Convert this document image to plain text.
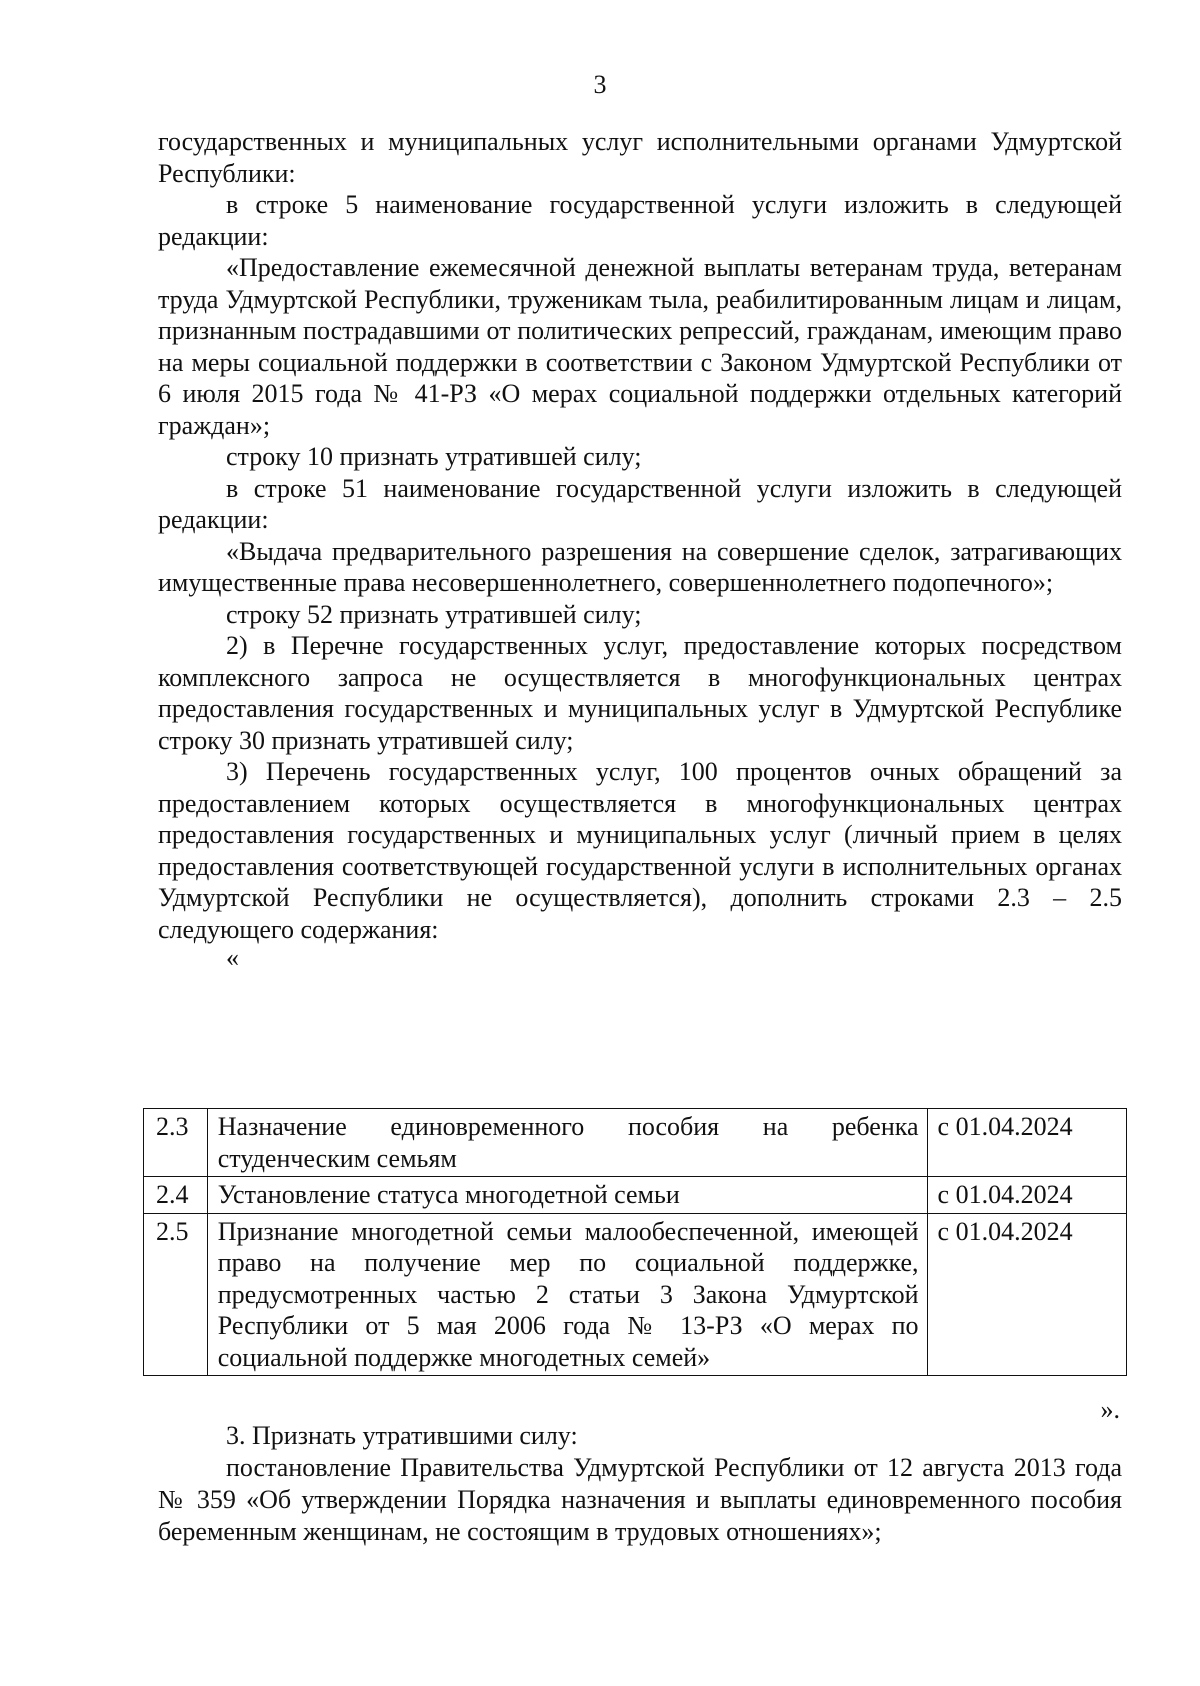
3

государственных и муниципальных услуг исполнительными органами Удмуртской Республики:

в строке 5 наименование государственной услуги изложить в следующей редакции:

«Предоставление ежемесячной денежной выплаты ветеранам труда, ветеранам труда Удмуртской Республики, труженикам тыла, реабилитированным лицам и лицам, признанным пострадавшими от политических репрессий, гражданам, имеющим право на меры социальной поддержки в соответствии с Законом Удмуртской Республики от 6 июля 2015 года № 41-РЗ «О мерах социальной поддержки отдельных категорий граждан»;

строку 10 признать утратившей силу;

в строке 51 наименование государственной услуги изложить в следующей редакции:

«Выдача предварительного разрешения на совершение сделок, затрагивающих имущественные права несовершеннолетнего, совершеннолетнего подопечного»;

строку 52 признать утратившей силу;

2) в Перечне государственных услуг, предоставление которых посредством комплексного запроса не осуществляется в многофункциональных центрах предоставления государственных и муниципальных услуг в Удмуртской Республике строку 30 признать утратившей силу;

3) Перечень государственных услуг, 100 процентов очных обращений за предоставлением которых осуществляется в многофункциональных центрах предоставления государственных и муниципальных услуг (личный прием в целях предоставления соответствующей государственной услуги в исполнительных органах Удмуртской Республики не осуществляется), дополнить строками 2.3 – 2.5 следующего содержания:

«

2.3	Назначение единовременного пособия на ребенка студенческим семьям	с 01.04.2024
2.4	Установление статуса многодетной семьи	с 01.04.2024
2.5	Признание многодетной семьи малообеспеченной, имеющей право на получение мер по социальной поддержке, предусмотренных частью 2 статьи 3 Закона Удмуртской Республики от 5 мая 2006 года № 13-РЗ «О мерах по социальной поддержке многодетных семей»	с 01.04.2024
».

3. Признать утратившими силу:

постановление Правительства Удмуртской Республики от 12 августа 2013 года № 359 «Об утверждении Порядка назначения и выплаты единовременного пособия беременным женщинам, не состоящим в трудовых отношениях»;
